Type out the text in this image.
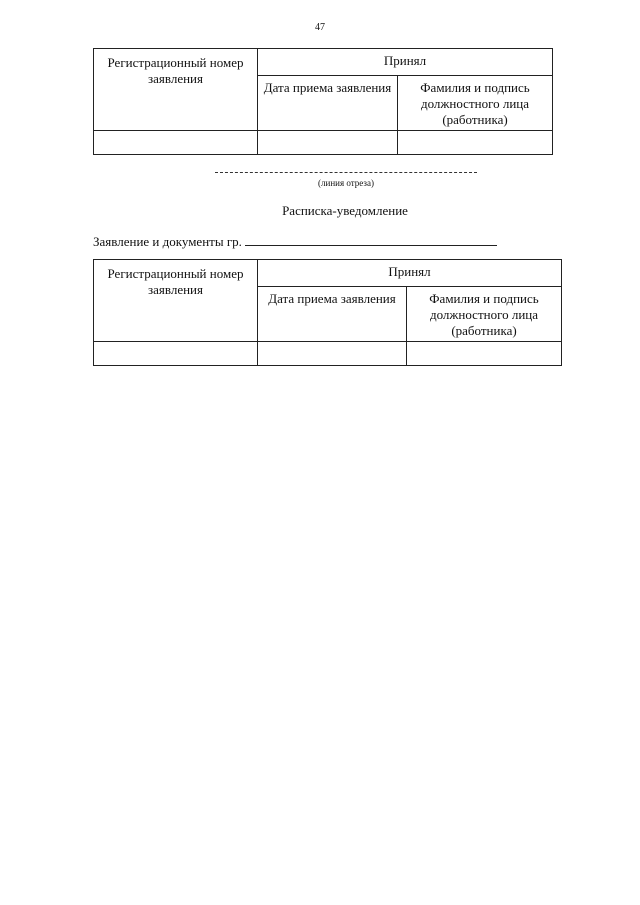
47
Регистрационный номер заявления	Принял	
	Дата приема заявления	Фамилия и подпись должностного лица (работника)

(линия отреза)
Расписка-уведомление
Заявление и документы гр.
Регистрационный номер заявления	Принял	
	Дата приема заявления	Фамилия и подпись должностного лица (работника)
